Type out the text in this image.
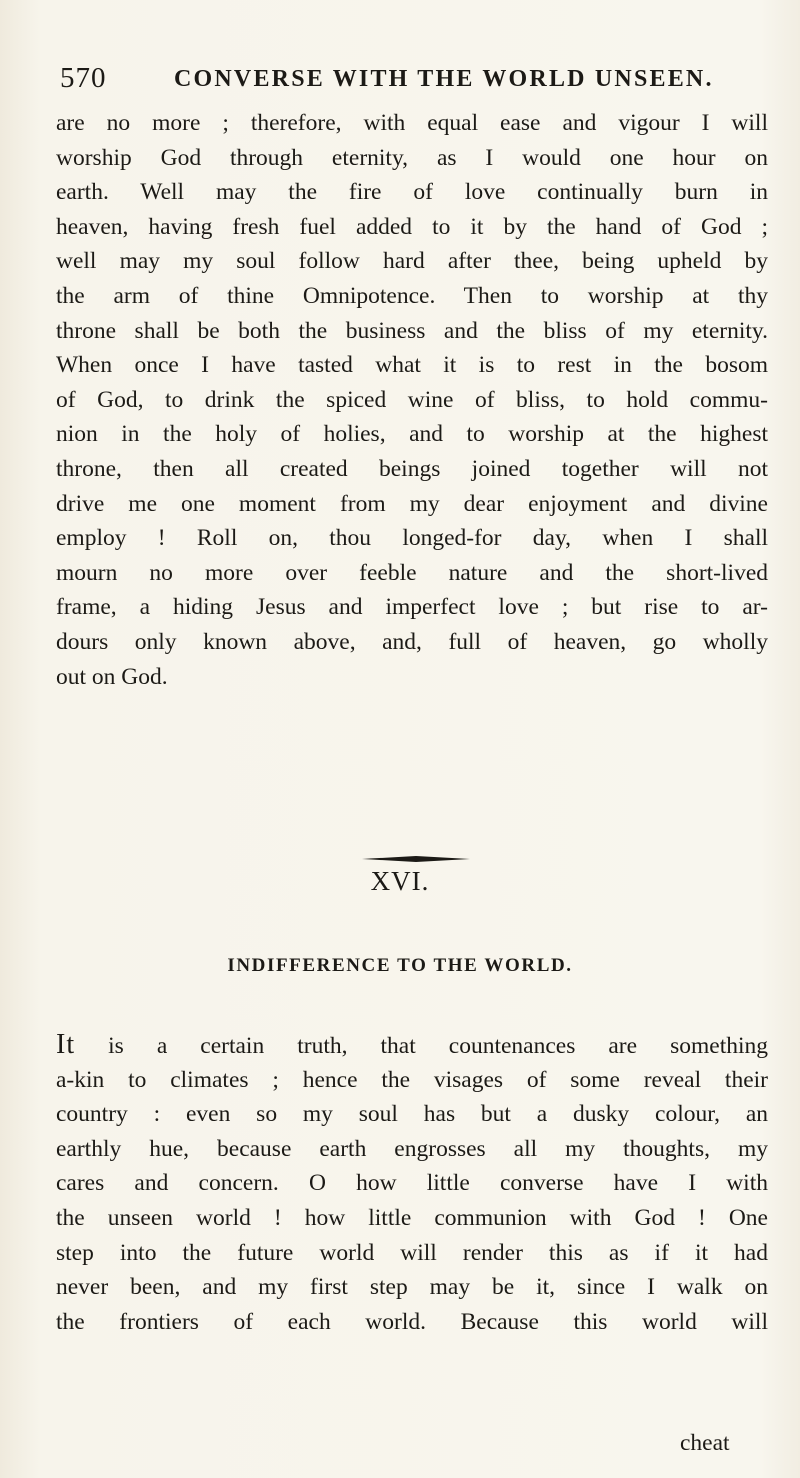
570	CONVERSE WITH THE WORLD UNSEEN.
are no more ; therefore, with equal ease and vigour I will
worship God through eternity, as I would one hour on
earth. Well may the fire of love continually burn in
heaven, having fresh fuel added to it by the hand of God ;
well may my soul follow hard after thee, being upheld by
the arm of thine Omnipotence. Then to worship at thy
throne shall be both the business and the bliss of my eternity.
When once I have tasted what it is to rest in the bosom
of God, to drink the spiced wine of bliss, to hold commu-
nion in the holy of holies, and to worship at the highest
throne, then all created beings joined together will not
drive me one moment from my dear enjoyment and divine
employ ! Roll on, thou longed-for day, when I shall
mourn no more over feeble nature and the short-lived
frame, a hiding Jesus and imperfect love ; but rise to ar-
dours only known above, and, full of heaven, go wholly
out on God.
XVI.
INDIFFERENCE TO THE WORLD.
It is a certain truth, that countenances are something
a-kin to climates ; hence the visages of some reveal their
country : even so my soul has but a dusky colour, an
earthly hue, because earth engrosses all my thoughts, my
cares and concern. O how little converse have I with
the unseen world ! how little communion with God ! One
step into the future world will render this as if it had
never been, and my first step may be it, since I walk on
the frontiers of each world. Because this world will
cheat
